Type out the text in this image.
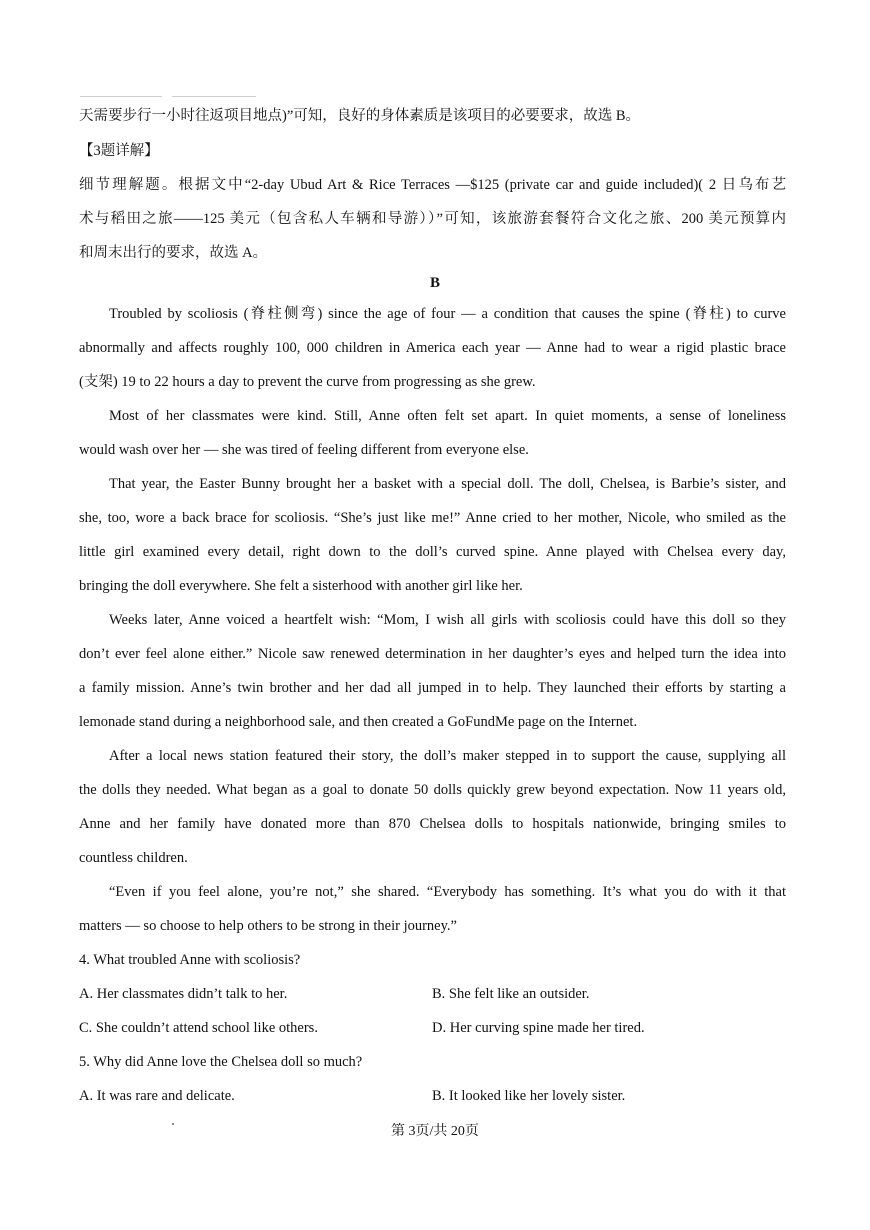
天需要步行一小时往返项目地点)”可知，良好的身体素质是该项目的必要要求，故选 B。
【3题详解】
细节理解题。根据文中“2-day Ubud Art & Rice Terraces —$125 (private car and guide included)( 2 日乌布艺
术与稻田之旅——125 美元（包含私人车辆和导游））”可知，该旅游套餐符合文化之旅、200 美元预算内
和周末出行的要求，故选 A。
B
Troubled by scoliosis (脊柱侧弯) since the age of four — a condition that causes the spine (脊柱) to curve
abnormally and affects roughly 100, 000 children in America each year — Anne had to wear a rigid plastic brace
(支架) 19 to 22 hours a day to prevent the curve from progressing as she grew.
Most of her classmates were kind. Still, Anne often felt set apart. In quiet moments, a sense of loneliness
would wash over her — she was tired of feeling different from everyone else.
That year, the Easter Bunny brought her a basket with a special doll. The doll, Chelsea, is Barbie’s sister, and
she, too, wore a back brace for scoliosis. “She’s just like me!” Anne cried to her mother, Nicole, who smiled as the
little girl examined every detail, right down to the doll’s curved spine. Anne played with Chelsea every day,
bringing the doll everywhere. She felt a sisterhood with another girl like her.
Weeks later, Anne voiced a heartfelt wish: “Mom, I wish all girls with scoliosis could have this doll so they
don’t ever feel alone either.” Nicole saw renewed determination in her daughter’s eyes and helped turn the idea into
a family mission. Anne’s twin brother and her dad all jumped in to help. They launched their efforts by starting a
lemonade stand during a neighborhood sale, and then created a GoFundMe page on the Internet.
After a local news station featured their story, the doll’s maker stepped in to support the cause, supplying all
the dolls they needed. What began as a goal to donate 50 dolls quickly grew beyond expectation. Now 11 years old,
Anne and her family have donated more than 870 Chelsea dolls to hospitals nationwide, bringing smiles to
countless children.
“Even if you feel alone, you’re not,” she shared. “Everybody has something. It’s what you do with it that
matters — so choose to help others to be strong in their journey.”
4. What troubled Anne with scoliosis?
A. Her classmates didn’t talk to her.	B. She felt like an outsider.
C. She couldn’t attend school like others.	D. Her curving spine made her tired.
5. Why did Anne love the Chelsea doll so much?
A. It was rare and delicate.	B. It looked like her lovely sister.
第 3页/共 20页
